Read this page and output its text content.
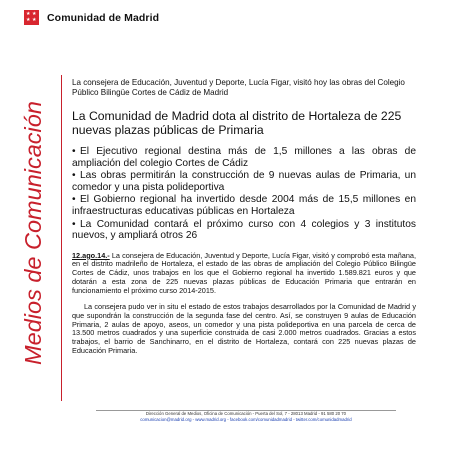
★ ★
★ ★ Comunidad de Madrid
Medios de Comunicación

La consejera de Educación, Juventud y Deporte, Lucía Figar, visitó hoy las obras del Colegio Público Bilingüe Cortes de Cádiz de Madrid

La Comunidad de Madrid dota al distrito de Hortaleza de 225 nuevas plazas públicas de Primaria
• El Ejecutivo regional destina más de 1,5 millones a las obras de ampliación del colegio Cortes de Cádiz
• Las obras permitirán la construcción de 9 nuevas aulas de Primaria, un comedor y una pista polideportiva
• El Gobierno regional ha invertido desde 2004 más de 15,5 millones en infraestructuras educativas públicas en Hortaleza
• La Comunidad contará el próximo curso con 4 colegios y 3 institutos nuevos, y ampliará otros 26

12.ago.14.- La consejera de Educación, Juventud y Deporte, Lucía Figar, visitó y comprobó esta mañana, en el distrito madrileño de Hortaleza, el estado de las obras de ampliación del Colegio Público Bilingüe Cortes de Cádiz, unos trabajos en los que el Gobierno regional ha invertido 1.589.821 euros y que dotarán a esta zona de 225 nuevas plazas públicas de Educación Primaria que entrarán en funcionamiento el próximo curso 2014-2015.

La consejera pudo ver in situ el estado de estos trabajos desarrollados por la Comunidad de Madrid y que supondrán la construcción de la segunda fase del centro. Así, se construyen 9 aulas de Educación Primaria, 2 aulas de apoyo, aseos, un comedor y una pista polideportiva en una parcela de cerca de 13.500 metros cuadrados y una superficie construida de casi 2.000 metros cuadrados. Gracias a estos trabajos, el barrio de Sanchinarro, en el distrito de Hortaleza, contará con 225 nuevas plazas de Educación Primaria.

Dirección General de Medios, Oficina de Comunicación - Puerta del Sol, 7 - 28013 Madrid - 91 580 20 70
comunicacion@madrid.org - www.madrid.org - facebook.com/comunidadmadrid - twitter.com/comunidadmadrid
